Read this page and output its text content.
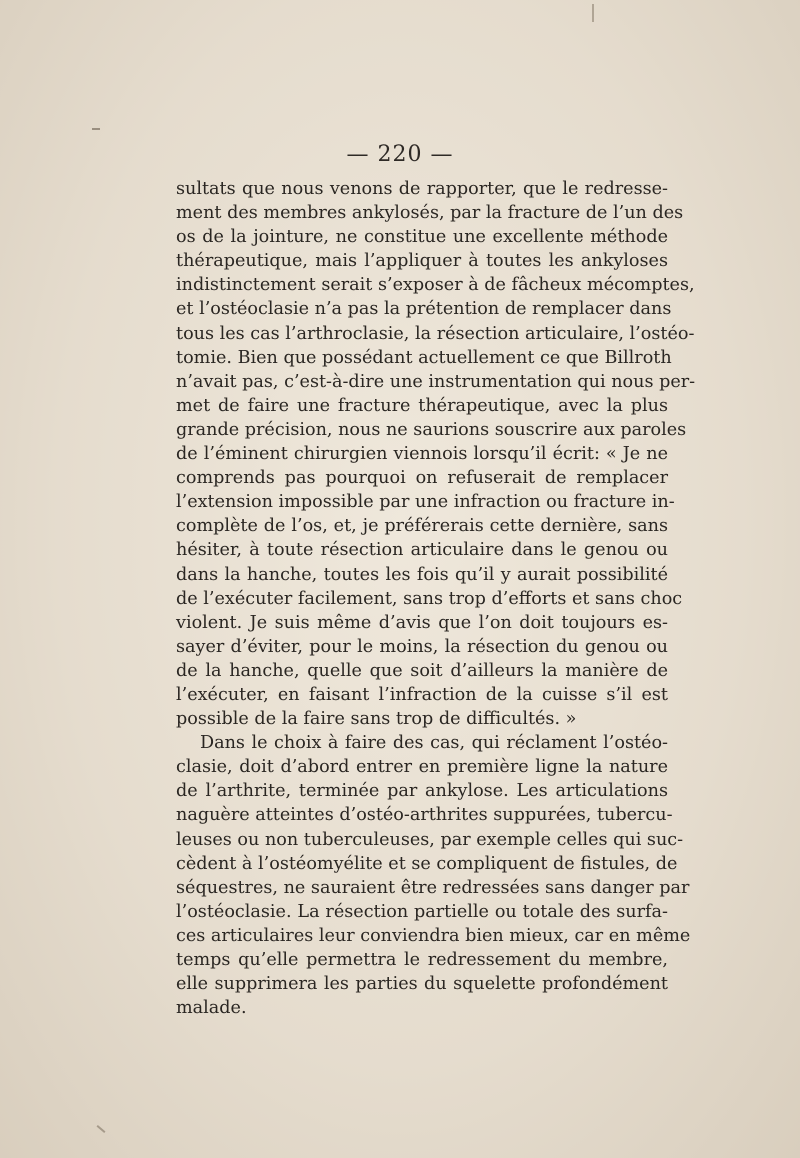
— 220 —
sultats que nous venons de rapporter, que le redresse-
ment des membres ankylosés, par la fracture de l’un des
os de la jointure, ne constitue une excellente méthode
thérapeutique, mais l’appliquer à toutes les ankyloses
indistinctement serait s’exposer à de fâcheux mécomptes,
et l’ostéoclasie n’a pas la prétention de remplacer dans
tous les cas l’arthroclasie, la résection articulaire, l’ostéo-
tomie. Bien que possédant actuellement ce que Billroth
n’avait pas, c’est-à-dire une instrumentation qui nous per-
met de faire une fracture thérapeutique, avec la plus
grande précision, nous ne saurions souscrire aux paroles
de l’éminent chirurgien viennois lorsqu’il écrit: « Je ne
comprends pas pourquoi on refuserait de remplacer
l’extension impossible par une infraction ou fracture in-
complète de l’os, et, je préférerais cette dernière, sans
hésiter, à toute résection articulaire dans le genou ou
dans la hanche, toutes les fois qu’il y aurait possibilité
de l’exécuter facilement, sans trop d’efforts et sans choc
violent. Je suis même d’avis que l’on doit toujours es-
sayer d’éviter, pour le moins, la résection du genou ou
de la hanche, quelle que soit d’ailleurs la manière de
l’exécuter, en faisant l’infraction de la cuisse s’il est
possible de la faire sans trop de difficultés. »
Dans le choix à faire des cas, qui réclament l’ostéo-
clasie, doit d’abord entrer en première ligne la nature
de l’arthrite, terminée par ankylose. Les articulations
naguère atteintes d’ostéo-arthrites suppurées, tubercu-
leuses ou non tuberculeuses, par exemple celles qui suc-
cèdent à l’ostéomyélite et se compliquent de fistules, de
séquestres, ne sauraient être redressées sans danger par
l’ostéoclasie. La résection partielle ou totale des surfa-
ces articulaires leur conviendra bien mieux, car en même
temps qu’elle permettra le redressement du membre,
elle supprimera les parties du squelette profondément
malade.
